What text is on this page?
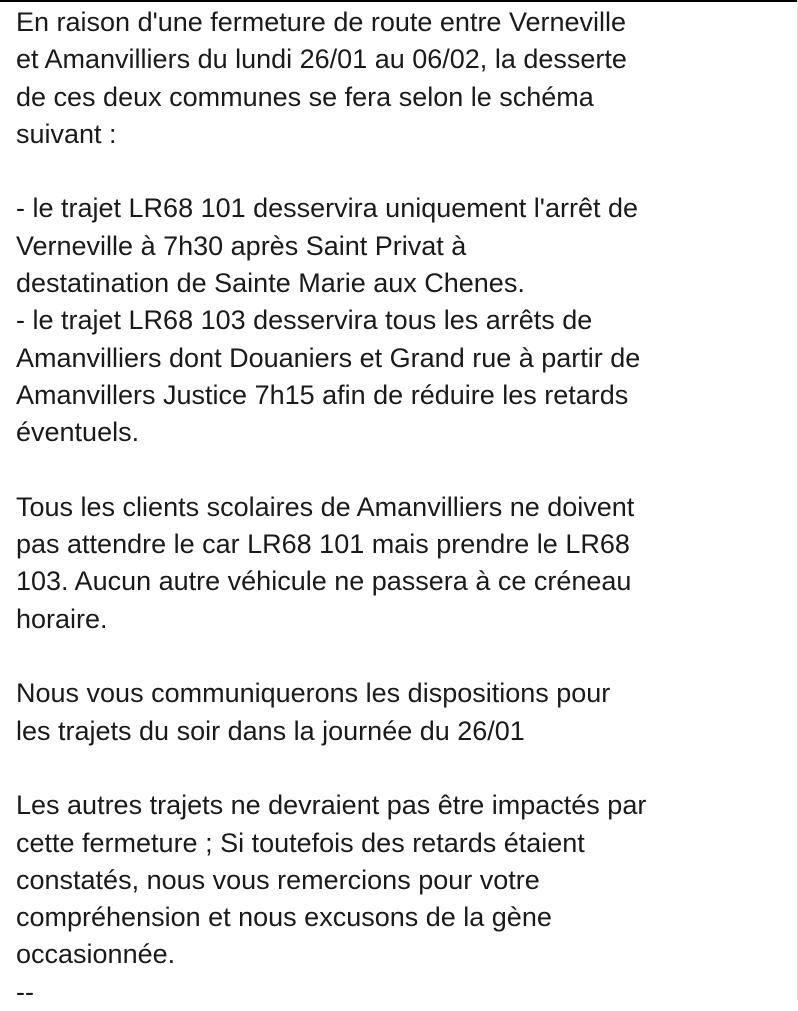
En raison d'une fermeture de route entre Verneville
et Amanvilliers du lundi 26/01 au 06/02, la desserte
de ces deux communes se fera selon le schéma
suivant :
- le trajet LR68 101 desservira uniquement l'arrêt de
Verneville à 7h30 après Saint Privat à
destatination de Sainte Marie aux Chenes.
- le trajet LR68 103 desservira tous les arrêts de
Amanvilliers dont Douaniers et Grand rue à partir de
Amanvillers Justice 7h15 afin de réduire les retards
éventuels.
Tous les clients scolaires de Amanvilliers ne doivent
pas attendre le car LR68 101 mais prendre le LR68
103. Aucun autre véhicule ne passera à ce créneau
horaire.
Nous vous communiquerons les dispositions pour
les trajets du soir dans la journée du 26/01
Les autres trajets ne devraient pas être impactés par
cette fermeture ; Si toutefois des retards étaient
constatés, nous vous remercions pour votre
compréhension et nous excusons de la gène
occasionnée.
--
